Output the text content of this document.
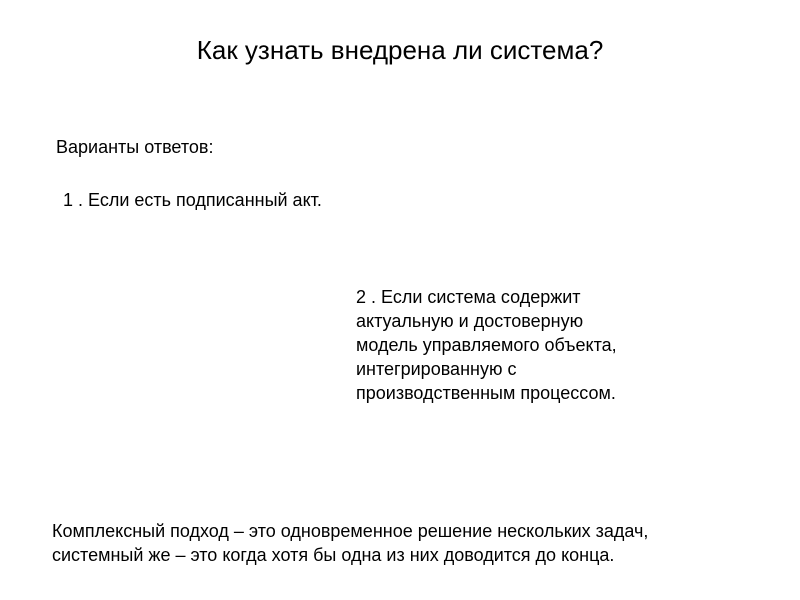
Как узнать внедрена ли система?
Варианты ответов:
1 . Если есть подписанный акт.
2 . Если система содержит
актуальную и достоверную
модель управляемого объекта,
интегрированную с
производственным процессом.
Комплексный подход – это одновременное решение нескольких задач,
системный же – это когда хотя бы одна из них доводится до конца.
